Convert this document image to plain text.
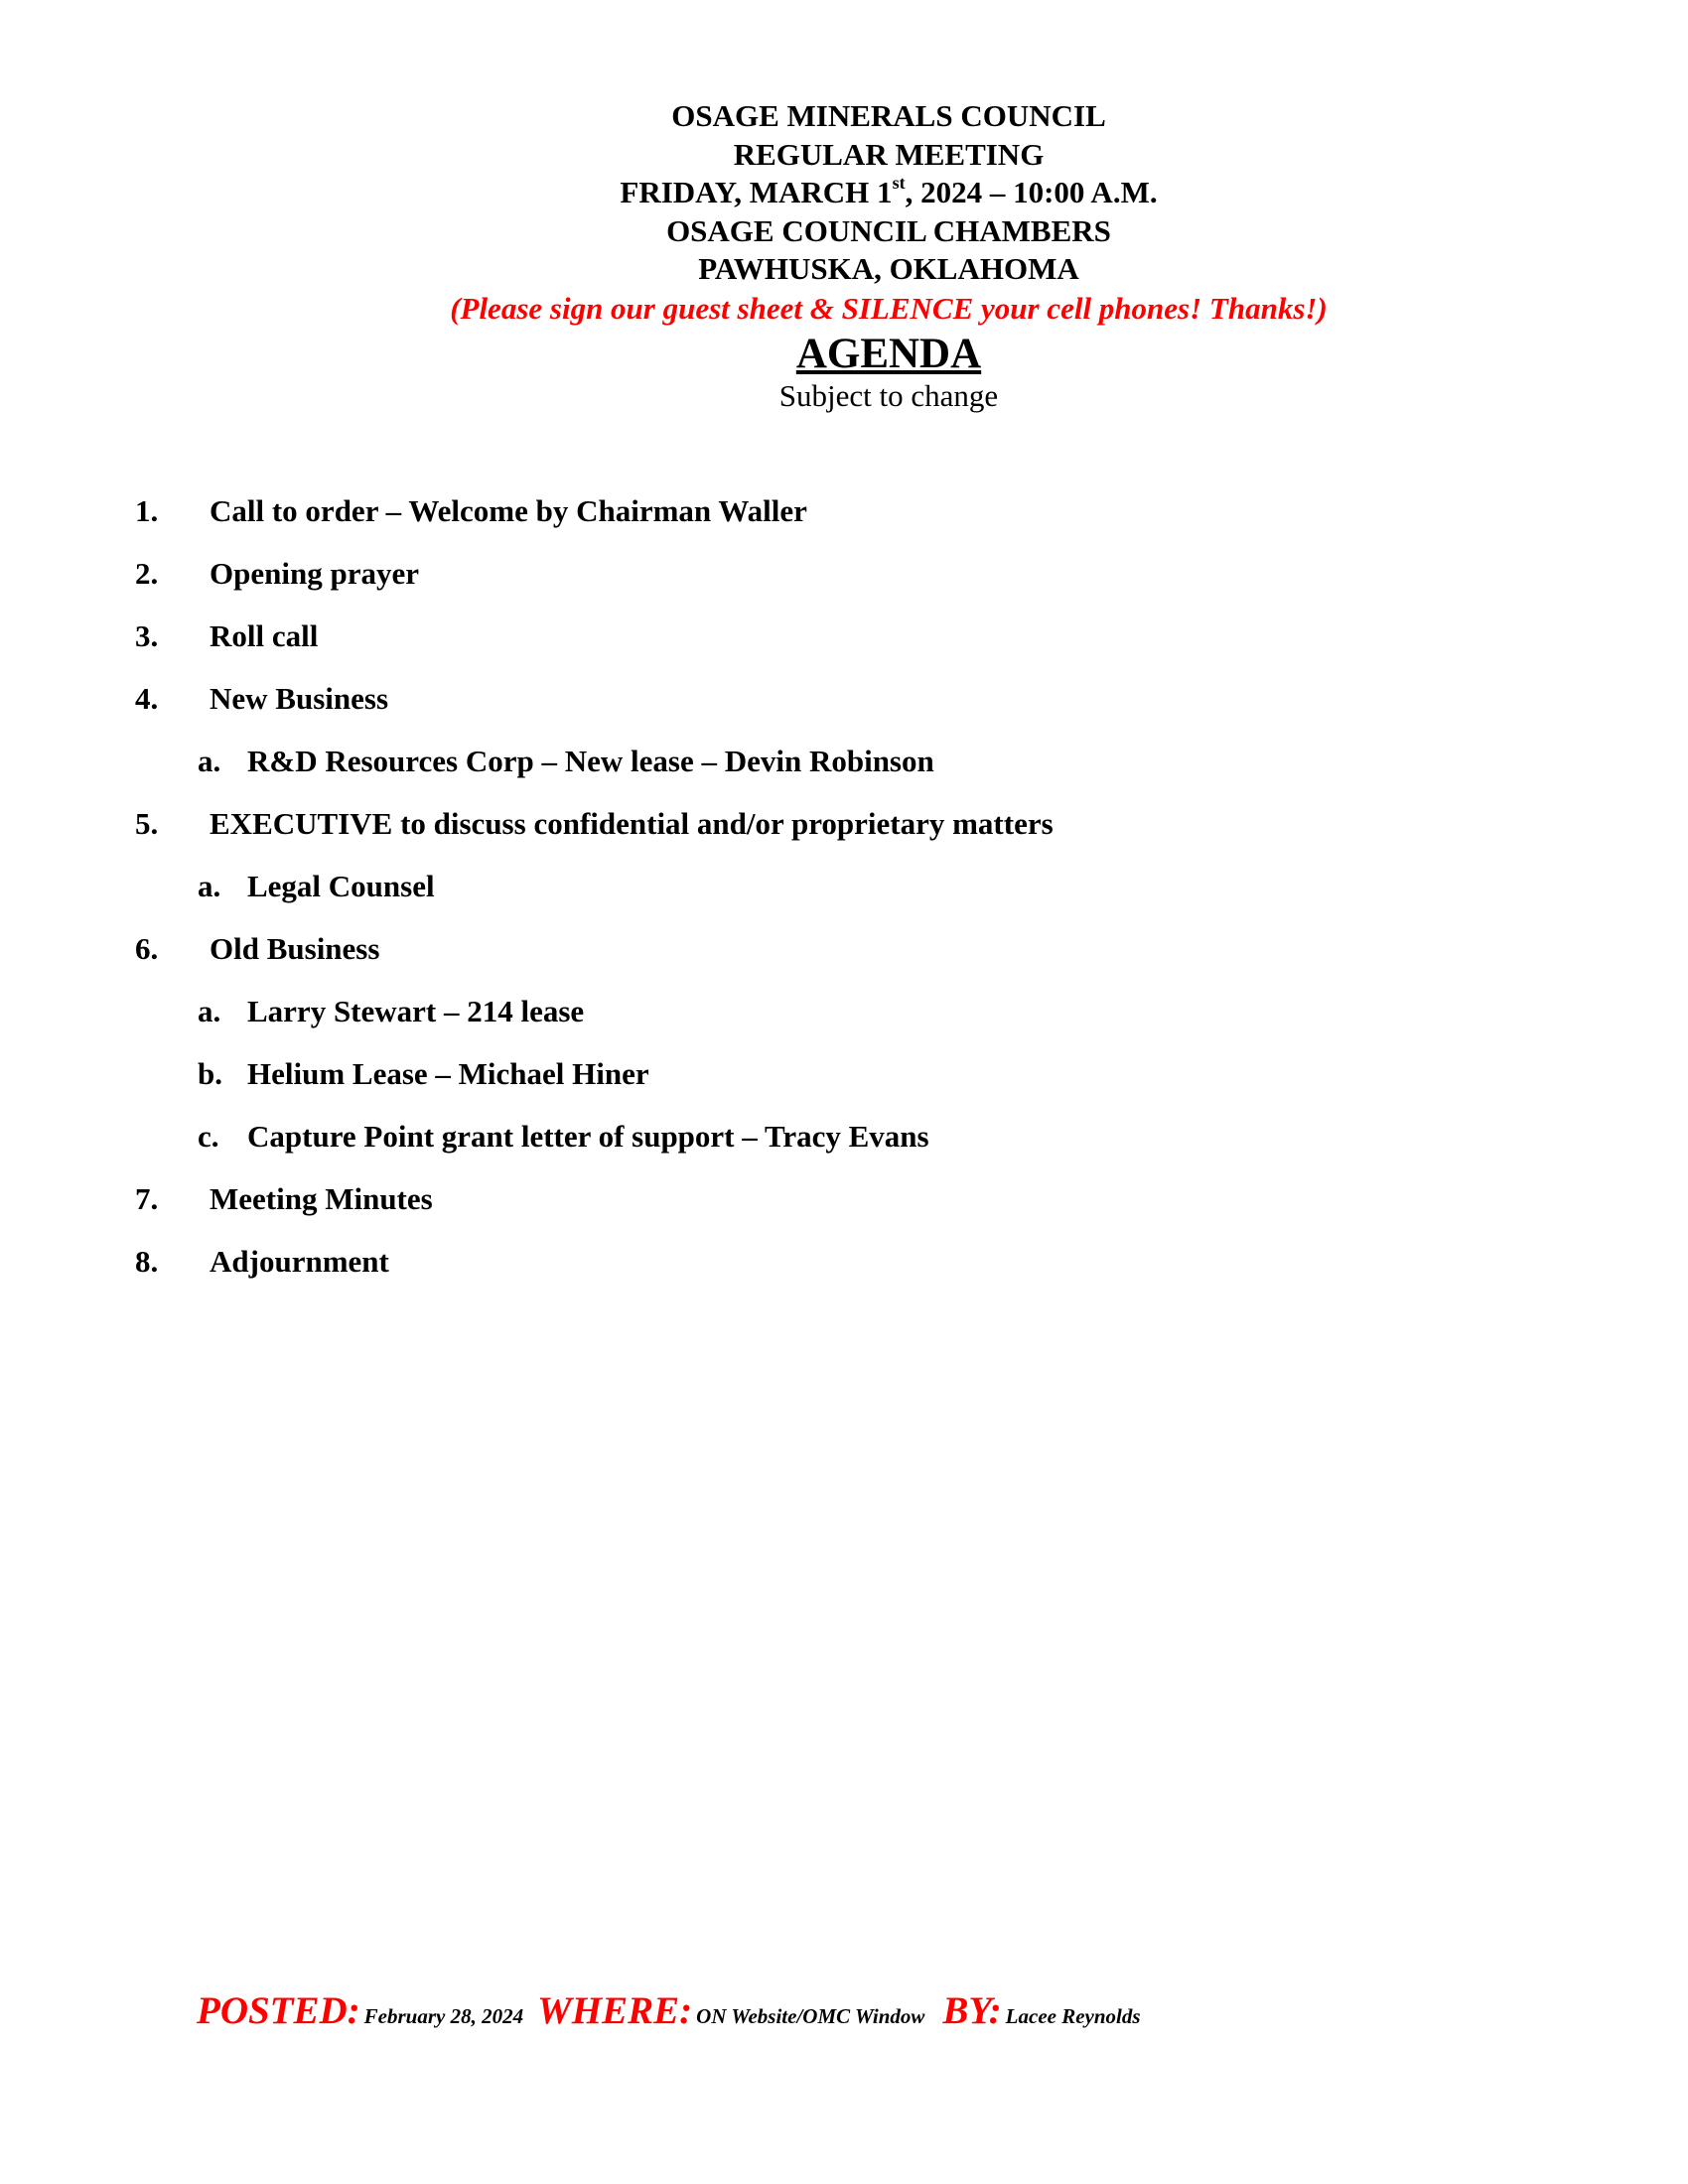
OSAGE MINERALS COUNCIL
REGULAR MEETING
FRIDAY, MARCH 1st, 2024 – 10:00 A.M.
OSAGE COUNCIL CHAMBERS
PAWHUSKA, OKLAHOMA
(Please sign our guest sheet & SILENCE your cell phones! Thanks!)
AGENDA
Subject to change
1. Call to order – Welcome by Chairman Waller
2. Opening prayer
3. Roll call
4. New Business
a. R&D Resources Corp – New lease – Devin Robinson
5. EXECUTIVE to discuss confidential and/or proprietary matters
a. Legal Counsel
6. Old Business
a. Larry Stewart – 214 lease
b. Helium Lease – Michael Hiner
c. Capture Point grant letter of support – Tracy Evans
7. Meeting Minutes
8. Adjournment
POSTED: February 28, 2024 WHERE: ON Website/OMC Window BY: Lacee Reynolds
